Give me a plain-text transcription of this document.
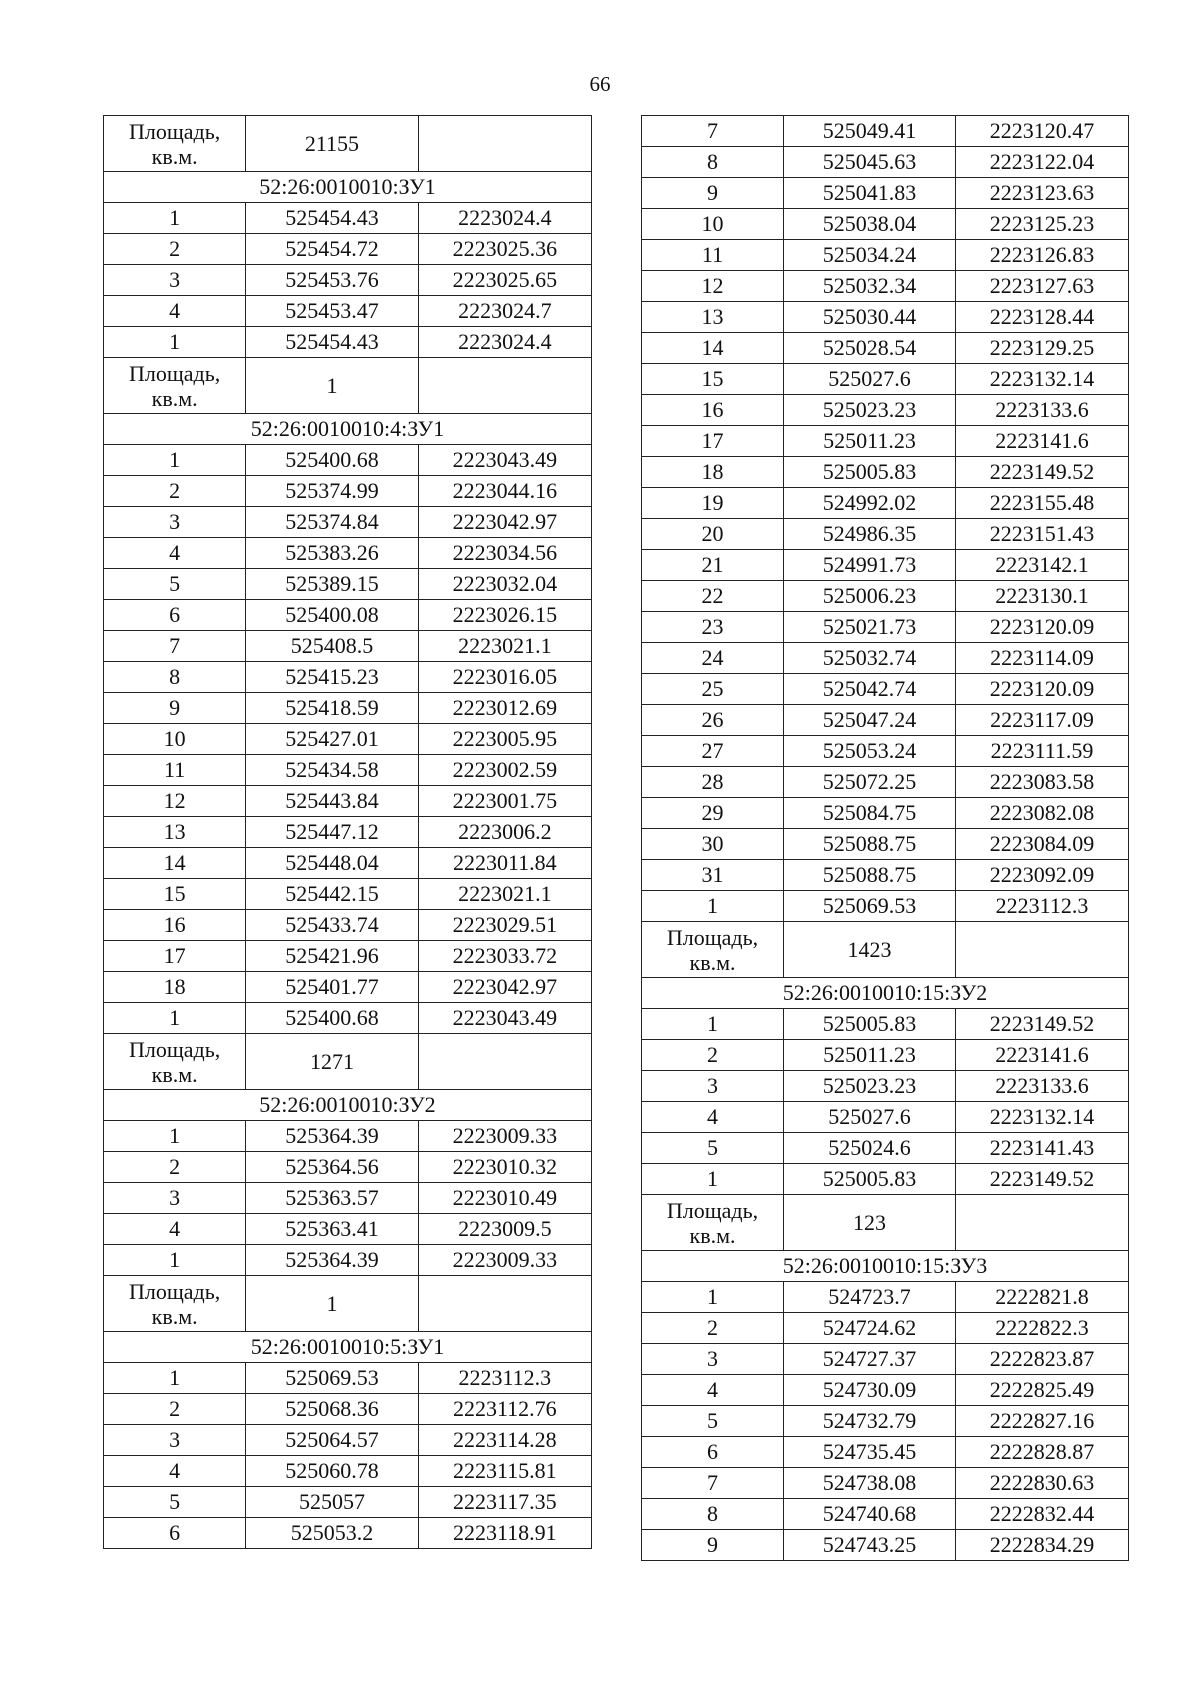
66
Площадь, кв.м.	21155	
52:26:0010010:ЗУ1		
1	525454.43	2223024.4
2	525454.72	2223025.36
3	525453.76	2223025.65
4	525453.47	2223024.7
1	525454.43	2223024.4
Площадь, кв.м.	1	
52:26:0010010:4:ЗУ1		
1	525400.68	2223043.49
2	525374.99	2223044.16
3	525374.84	2223042.97
4	525383.26	2223034.56
5	525389.15	2223032.04
6	525400.08	2223026.15
7	525408.5	2223021.1
8	525415.23	2223016.05
9	525418.59	2223012.69
10	525427.01	2223005.95
11	525434.58	2223002.59
12	525443.84	2223001.75
13	525447.12	2223006.2
14	525448.04	2223011.84
15	525442.15	2223021.1
16	525433.74	2223029.51
17	525421.96	2223033.72
18	525401.77	2223042.97
1	525400.68	2223043.49
Площадь, кв.м.	1271	
52:26:0010010:ЗУ2		
1	525364.39	2223009.33
2	525364.56	2223010.32
3	525363.57	2223010.49
4	525363.41	2223009.5
1	525364.39	2223009.33
Площадь, кв.м.	1	
52:26:0010010:5:ЗУ1		
1	525069.53	2223112.3
2	525068.36	2223112.76
3	525064.57	2223114.28
4	525060.78	2223115.81
5	525057	2223117.35
6	525053.2	2223118.91
7	525049.41	2223120.47
8	525045.63	2223122.04
9	525041.83	2223123.63
10	525038.04	2223125.23
11	525034.24	2223126.83
12	525032.34	2223127.63
13	525030.44	2223128.44
14	525028.54	2223129.25
15	525027.6	2223132.14
16	525023.23	2223133.6
17	525011.23	2223141.6
18	525005.83	2223149.52
19	524992.02	2223155.48
20	524986.35	2223151.43
21	524991.73	2223142.1
22	525006.23	2223130.1
23	525021.73	2223120.09
24	525032.74	2223114.09
25	525042.74	2223120.09
26	525047.24	2223117.09
27	525053.24	2223111.59
28	525072.25	2223083.58
29	525084.75	2223082.08
30	525088.75	2223084.09
31	525088.75	2223092.09
1	525069.53	2223112.3
Площадь, кв.м.	1423	
52:26:0010010:15:ЗУ2		
1	525005.83	2223149.52
2	525011.23	2223141.6
3	525023.23	2223133.6
4	525027.6	2223132.14
5	525024.6	2223141.43
1	525005.83	2223149.52
Площадь, кв.м.	123	
52:26:0010010:15:ЗУ3		
1	524723.7	2222821.8
2	524724.62	2222822.3
3	524727.37	2222823.87
4	524730.09	2222825.49
5	524732.79	2222827.16
6	524735.45	2222828.87
7	524738.08	2222830.63
8	524740.68	2222832.44
9	524743.25	2222834.29
